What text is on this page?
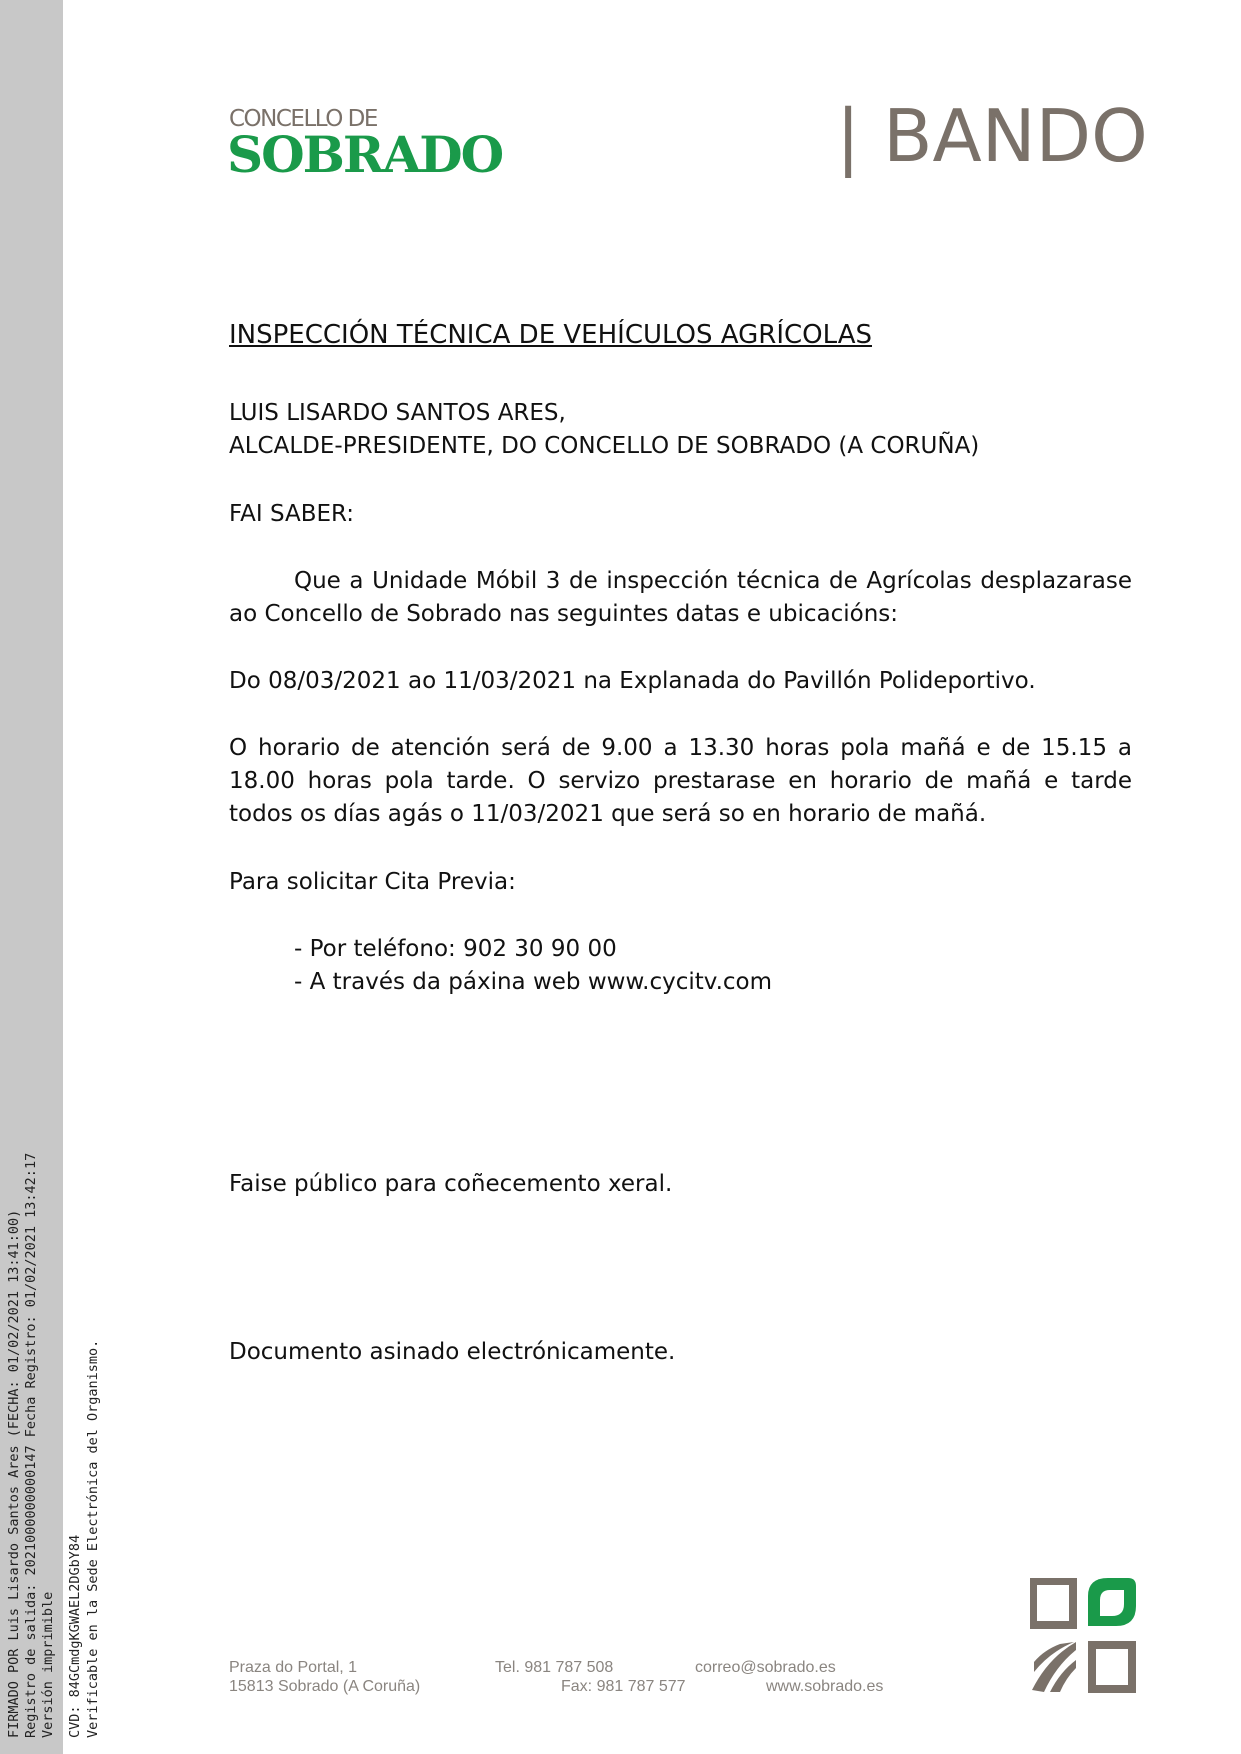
FIRMADO POR Luis Lisardo Santos Ares (FECHA: 01/02/2021 13:41:00) Registro de salida: 2021000000000147 Fecha Registro: 01/02/2021 13:42:17 Versión imprimible CVD: 84GCmdgKGWAEL2DGbY84 Verificable en la Sede Electrónica del Organismo.
CONCELLO DE
SOBRADO	| BANDO
INSPECCIÓN TÉCNICA DE VEHÍCULOS AGRÍCOLAS
LUIS LISARDO SANTOS ARES,
ALCALDE-PRESIDENTE, DO CONCELLO DE SOBRADO (A CORUÑA)
FAI SABER:
Que a Unidade Móbil 3 de inspección técnica de Agrícolas desplazarase ao Concello de Sobrado nas seguintes datas e ubicacións:
Do 08/03/2021 ao 11/03/2021 na Explanada do Pavillón Polideportivo.
O horario de atención será de 9.00 a 13.30 horas pola mañá e de 15.15 a 18.00 horas pola tarde. O servizo prestarase en horario de mañá e tarde todos os días agás o 11/03/2021 que será so en horario de mañá.
Para solicitar Cita Previa:
- Por teléfono: 902 30 90 00
- A través da páxina web www.cycitv.com
Faise público para coñecemento xeral.
Documento asinado electrónicamente.
Praza do Portal, 1
15813 Sobrado (A Coruña)
Tel. 981 787 508
Fax: 981 787 577
correo@sobrado.es
www.sobrado.es
